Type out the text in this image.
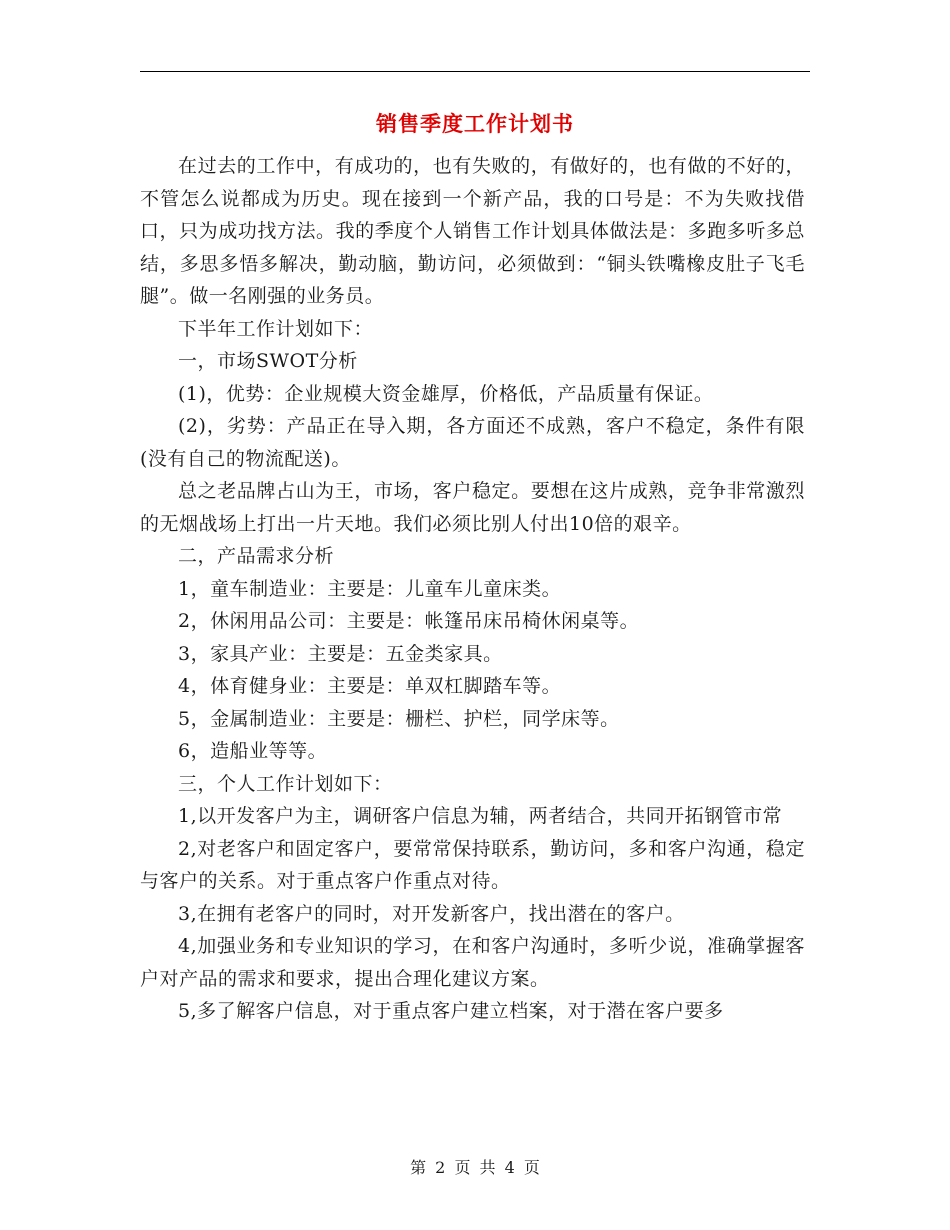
销售季度工作计划书

在过去的工作中，有成功的，也有失败的，有做好的，也有做的不好的，不管怎么说都成为历史。现在接到一个新产品，我的口号是：不为失败找借口，只为成功找方法。我的季度个人销售工作计划具体做法是：多跑多听多总结，多思多悟多解决，勤动脑，勤访问，必须做到：“铜头铁嘴橡皮肚子飞毛腿”。做一名刚强的业务员。

下半年工作计划如下：

一，市场SWOT分析

(1)，优势：企业规模大资金雄厚，价格低，产品质量有保证。

(2)，劣势：产品正在导入期，各方面还不成熟，客户不稳定，条件有限(没有自己的物流配送)。

总之老品牌占山为王，市场，客户稳定。要想在这片成熟，竞争非常激烈的无烟战场上打出一片天地。我们必须比别人付出10倍的艰辛。

二，产品需求分析

1，童车制造业：主要是：儿童车儿童床类。

2，休闲用品公司：主要是：帐篷吊床吊椅休闲桌等。

3，家具产业：主要是：五金类家具。

4，体育健身业：主要是：单双杠脚踏车等。

5，金属制造业：主要是：栅栏、护栏，同学床等。

6，造船业等等。

三，个人工作计划如下：

1,以开发客户为主，调研客户信息为辅，两者结合，共同开拓钢管市常

2,对老客户和固定客户，要常常保持联系，勤访问，多和客户沟通，稳定与客户的关系。对于重点客户作重点对待。

3,在拥有老客户的同时，对开发新客户，找出潜在的客户。

4,加强业务和专业知识的学习，在和客户沟通时，多听少说，准确掌握客户对产品的需求和要求，提出合理化建议方案。

5,多了解客户信息，对于重点客户建立档案，对于潜在客户要多

第 2 页 共 4 页
